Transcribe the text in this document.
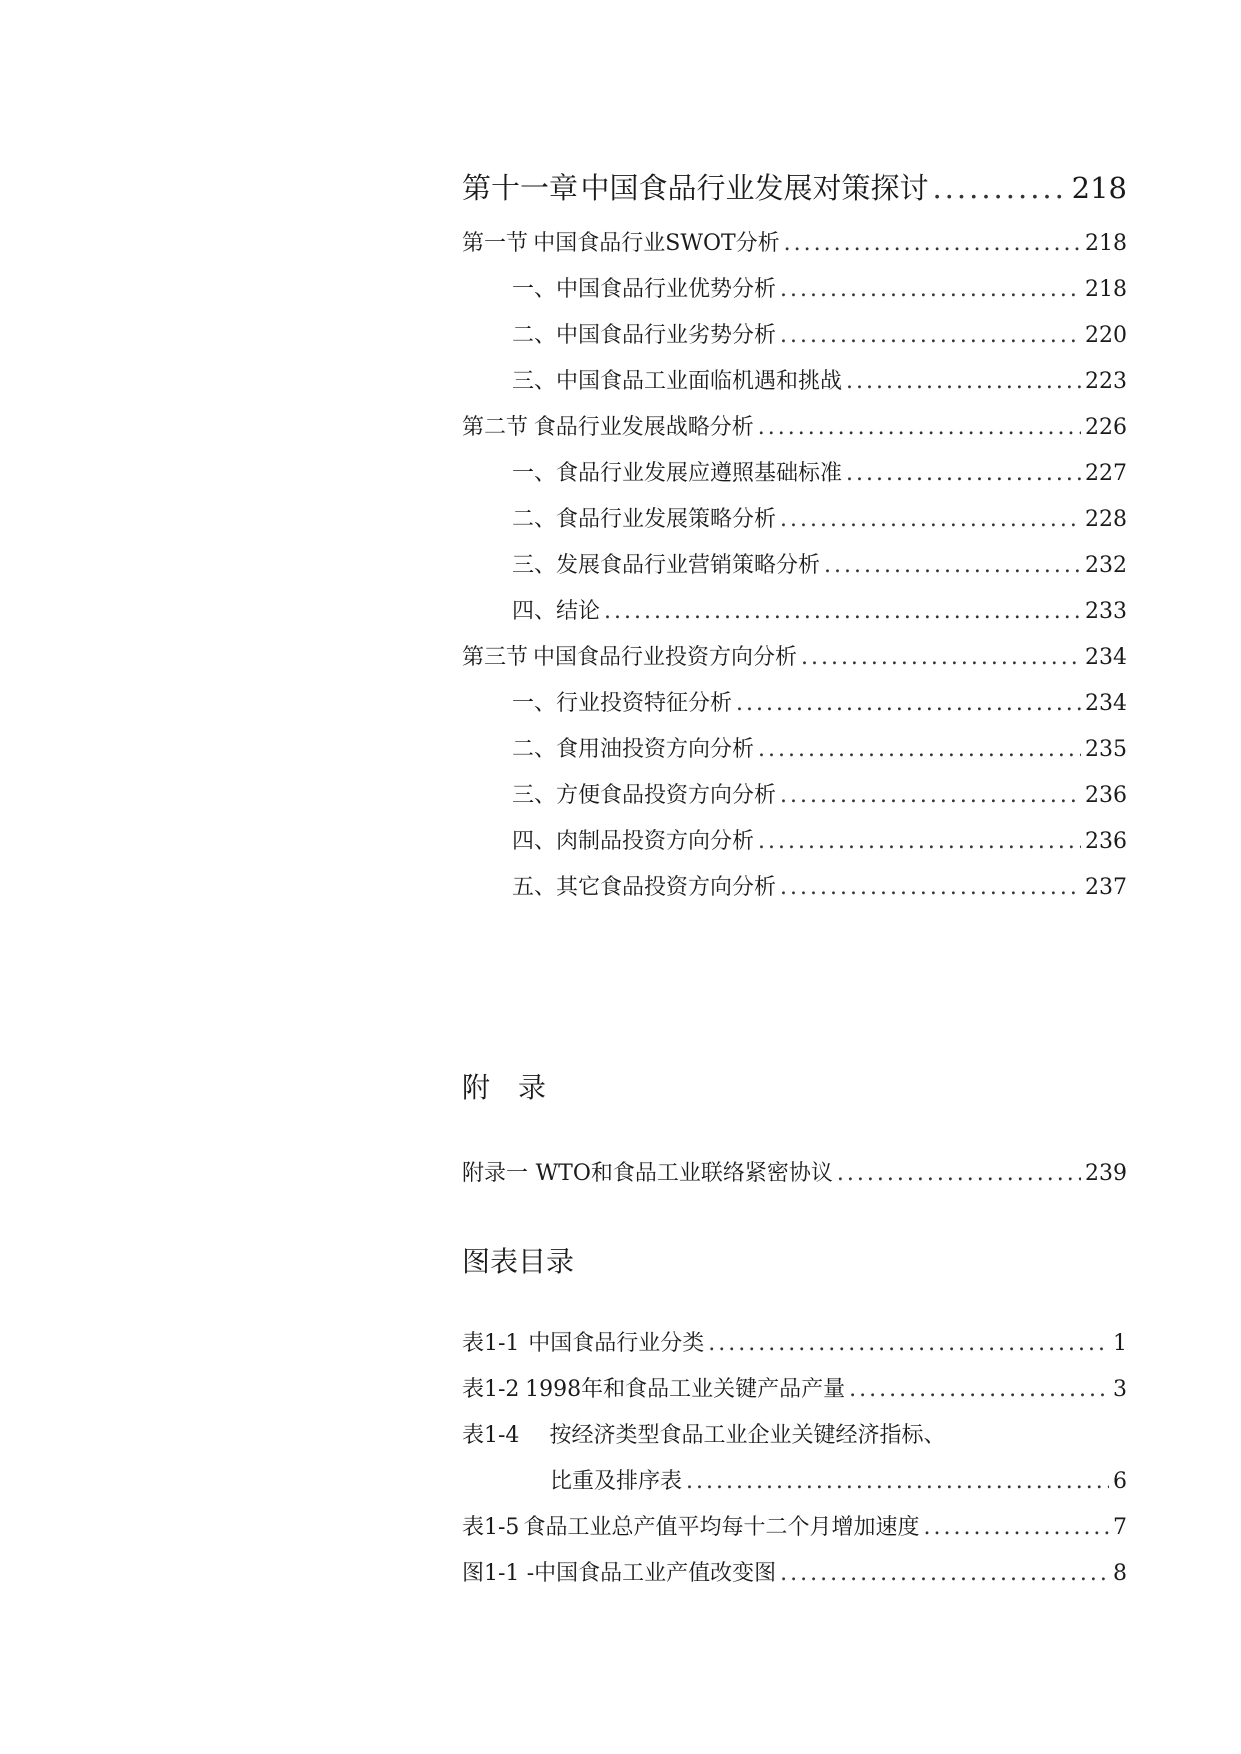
第十一章 中国食品行业发展对策探讨 .....	218
第一节 中国食品行业SWOT分析 .....	218
一、 中国食品行业优势分析 .....	218
二、 中国食品行业劣势分析 .....	220
三、 中国食品工业面临机遇和挑战 .....	223
第二节 食品行业发展战略分析 .....	226
一、 食品行业发展应遵照基础标准 .....	227
二、 食品行业发展策略分析 .....	228
三、 发展食品行业营销策略分析 .....	232
四、 结论 .....	233
第三节 中国食品行业投资方向分析 .....	234
一、 行业投资特征分析 .....	234
二、 食用油投资方向分析 .....	235
三、 方便食品投资方向分析 .....	236
四、 肉制品投资方向分析 .....	236
五、 其它食品投资方向分析 .....	237
附　录
附录一 WTO和食品工业联络紧密协议 .....	239
图表目录
表1-1 中国食品行业分类 .....	1
表1-2 1998年和食品工业关键产品产量 .....	3
表1-4 按经济类型食品工业企业关键经济指标、
比重及排序表 .....	6
表1-5 食品工业总产值平均每十二个月增加速度 .....	7
图1-1 -中国食品工业产值改变图 .....	8
